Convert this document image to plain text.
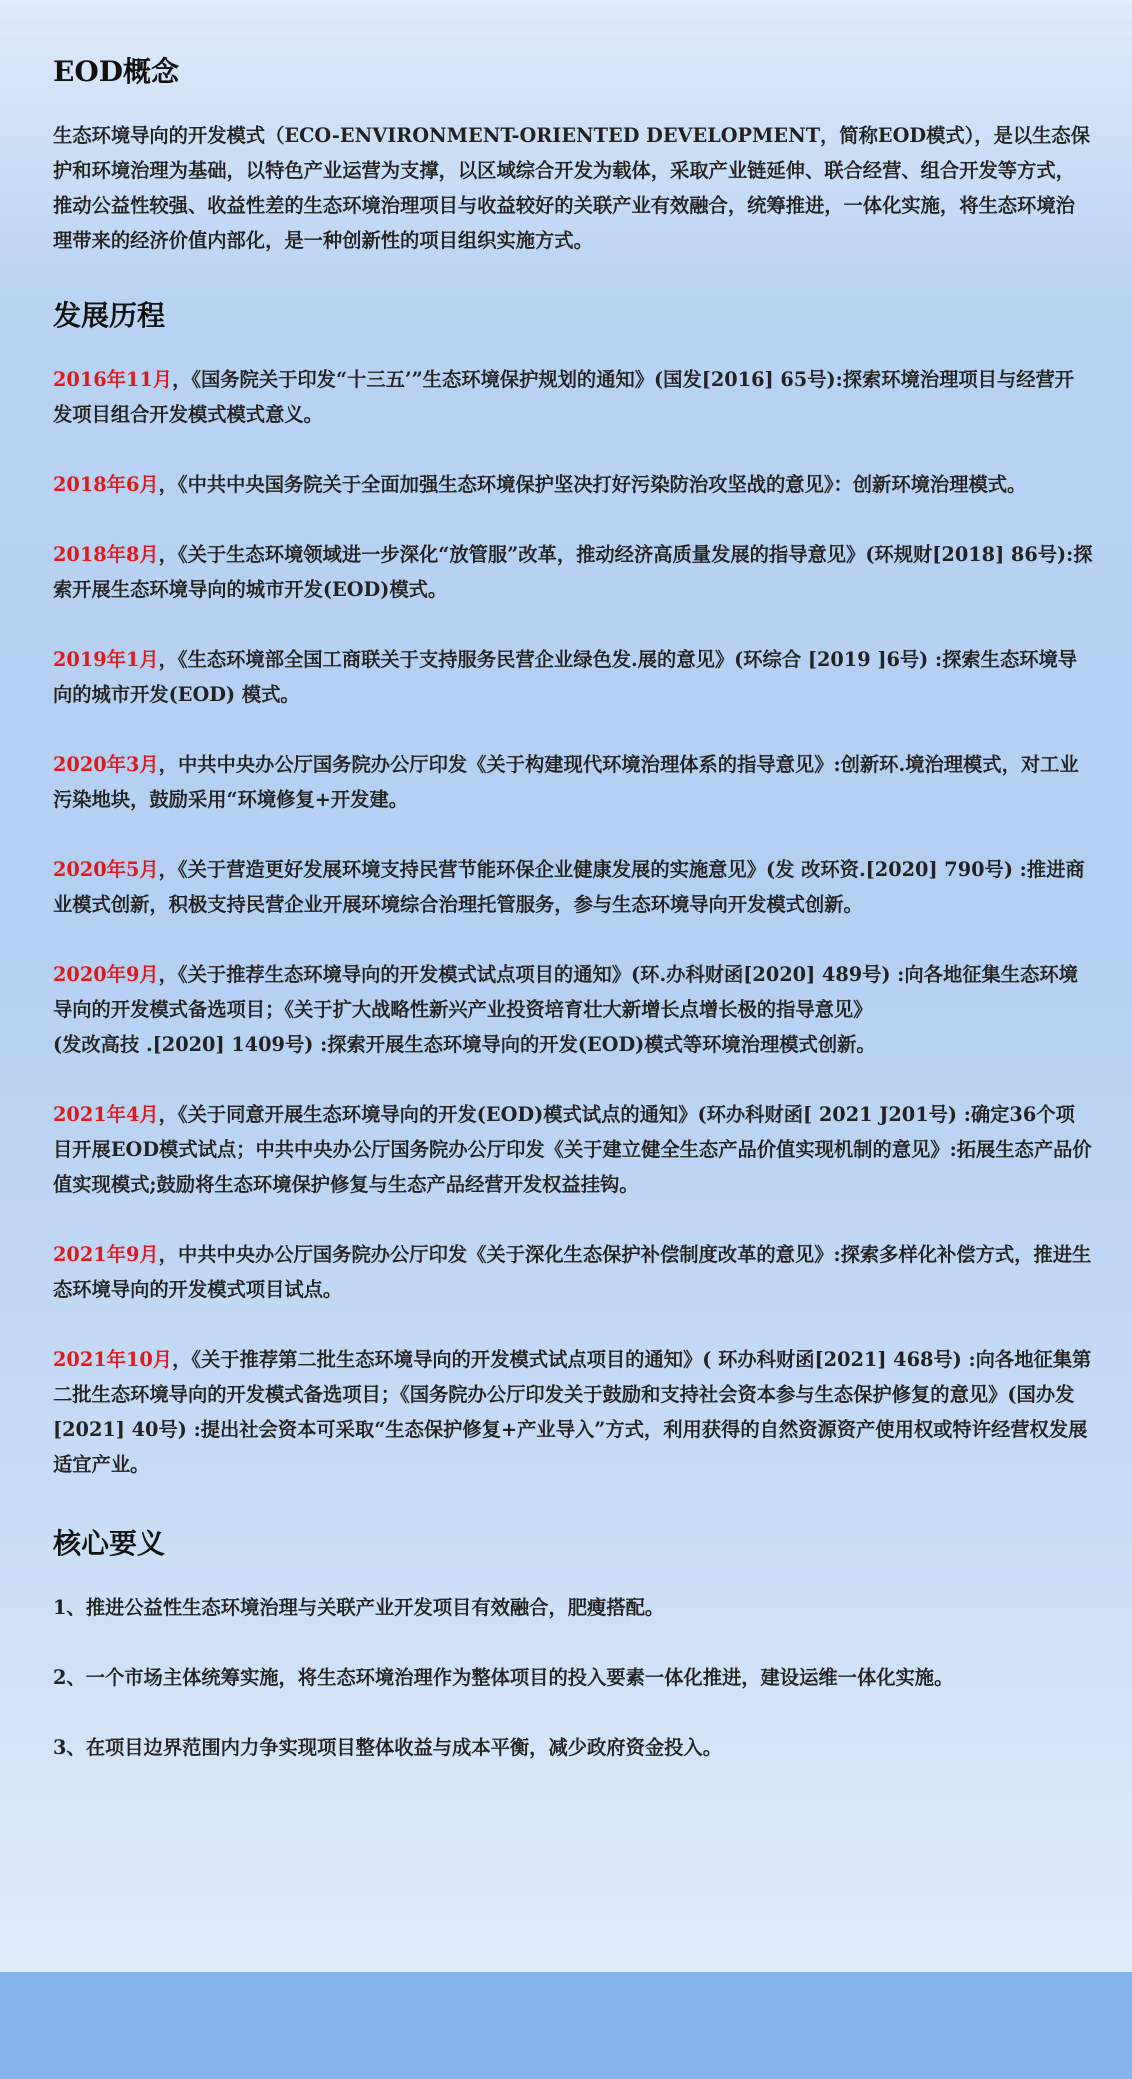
EOD概念

生态环境导向的开发模式（ECO-ENVIRONMENT-ORIENTED DEVELOPMENT，简称EOD模式），是以生态保护和环境治理为基础，以特色产业运营为支撑，以区域综合开发为载体，采取产业链延伸、联合经营、组合开发等方式，推动公益性较强、收益性差的生态环境治理项目与收益较好的关联产业有效融合，统筹推进，一体化实施，将生态环境治理带来的经济价值内部化，是一种创新性的项目组织实施方式。

发展历程

2016年11月，《国务院关于印发“十三五’”生态环境保护规划的通知》(国发[2016] 65号):探索环境治理项目与经营开发项目组合开发模式模式意义。

2018年6月，《中共中央国务院关于全面加强生态环境保护坚决打好污染防治攻坚战的意见》：创新环境治理模式。

2018年8月，《关于生态环境领域进一步深化“放管服”改革，推动经济高质量发展的指导意见》(环规财[2018] 86号):探索开展生态环境导向的城市开发(EOD)模式。

2019年1月，《生态环境部全国工商联关于支持服务民营企业绿色发.展的意见》(环综合 [2019 ]6号) :探索生态环境导向的城市开发(EOD) 模式。

2020年3月，中共中央办公厅国务院办公厅印发《关于构建现代环境治理体系的指导意见》:创新环.境治理模式，对工业污染地块，鼓励采用“环境修复+开发建。

2020年5月，《关于营造更好发展环境支持民营节能环保企业健康发展的实施意见》(发 改环资.[2020] 790号) :推进商业模式创新，积极支持民营企业开展环境综合治理托管服务，参与生态环境导向开发模式创新。

2020年9月，《关于推荐生态环境导向的开发模式试点项目的通知》(环.办科财函[2020] 489号) :向各地征集生态环境导向的开发模式备选项目；《关于扩大战略性新兴产业投资培育壮大新增长点增长极的指导意见》
(发改高技 .[2020] 1409号) :探索开展生态环境导向的开发(EOD)模式等环境治理模式创新。

2021年4月，《关于同意开展生态环境导向的开发(EOD)模式试点的通知》(环办科财函[ 2021 J201号) :确定36个项目开展EOD模式试点；中共中央办公厅国务院办公厅印发《关于建立健全生态产品价值实现机制的意见》:拓展生态产品价值实现模式;鼓励将生态环境保护修复与生态产品经营开发权益挂钩。

2021年9月，中共中央办公厅国务院办公厅印发《关于深化生态保护补偿制度改革的意见》:探索多样化补偿方式，推进生态环境导向的开发模式项目试点。

2021年10月，《关于推荐第二批生态环境导向的开发模式试点项目的通知》( 环办科财函[2021] 468号) :向各地征集第二批生态环境导向的开发模式备选项目；《国务院办公厅印发关于鼓励和支持社会资本参与生态保护修复的意见》(国办发 [2021] 40号) :提出社会资本可采取“生态保护修复+产业导入”方式，利用获得的自然资源资产使用权或特许经营权发展适宜产业。

核心要义

1、推进公益性生态环境治理与关联产业开发项目有效融合，肥瘦搭配。

2、一个市场主体统筹实施，将生态环境治理作为整体项目的投入要素一体化推进，建设运维一体化实施。

3、在项目边界范围内力争实现项目整体收益与成本平衡，减少政府资金投入。
